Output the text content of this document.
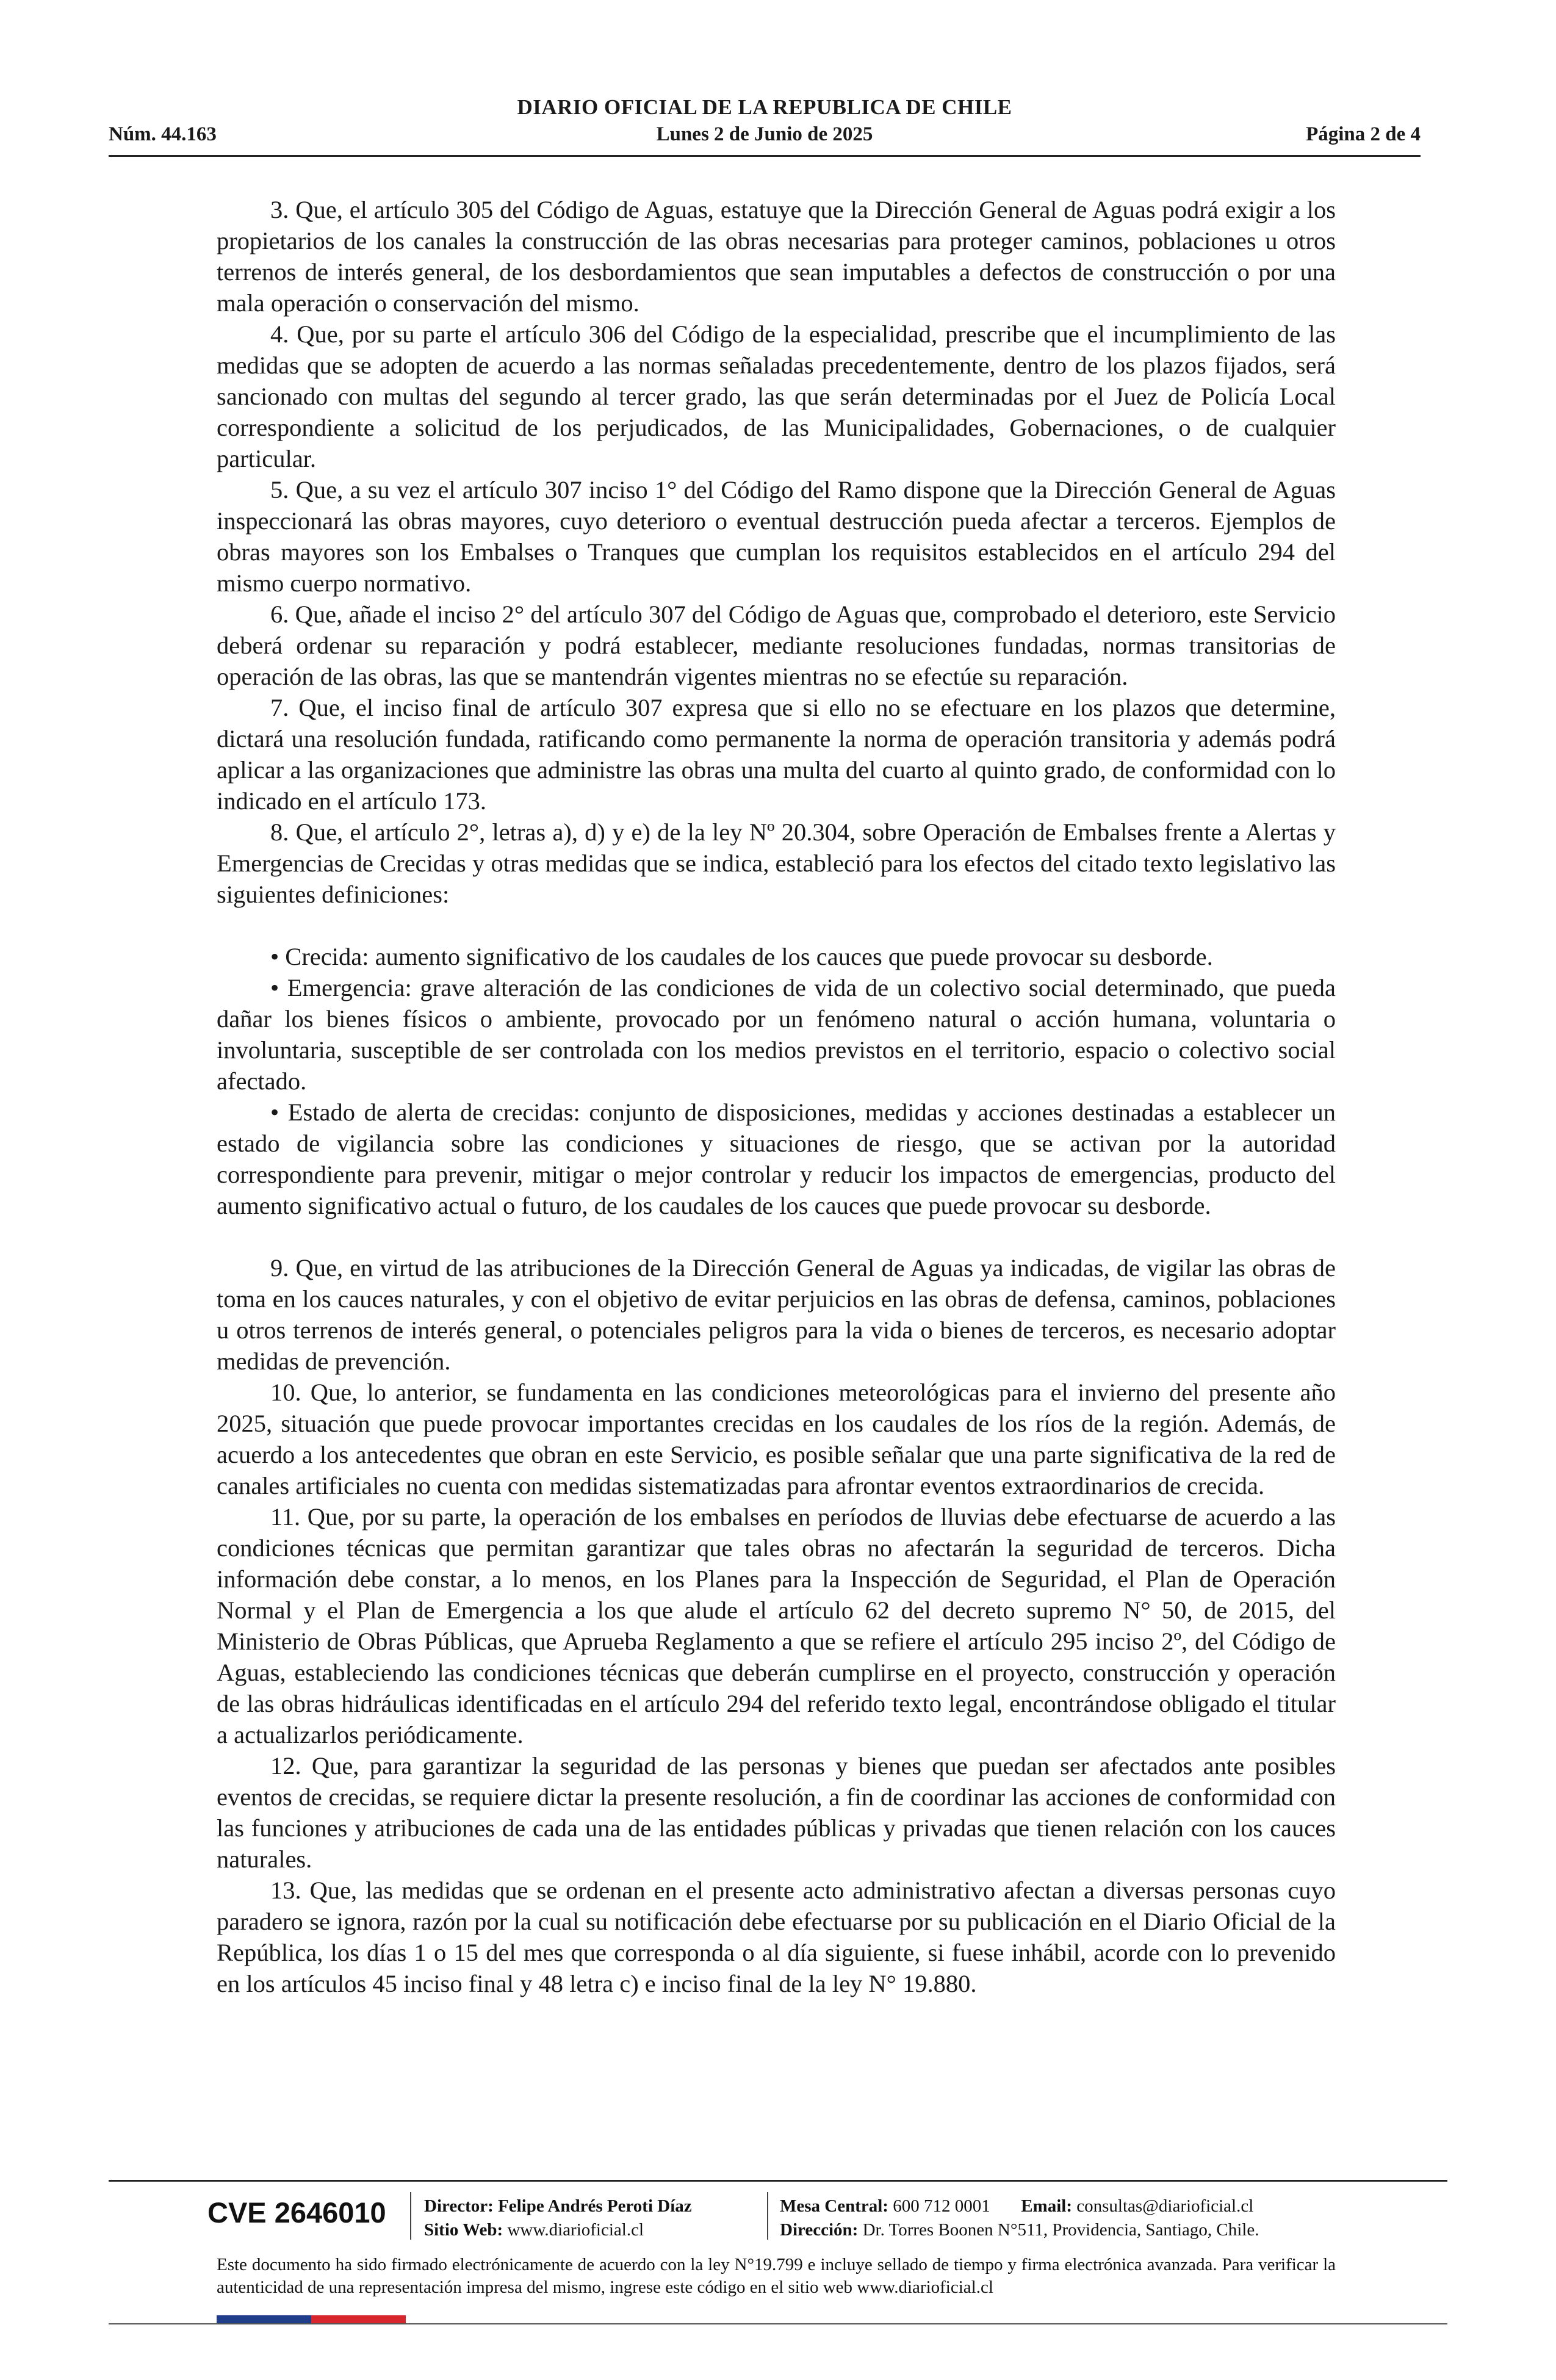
DIARIO OFICIAL DE LA REPUBLICA DE CHILE
Núm. 44.163	Lunes 2 de Junio de 2025	Página 2 de 4

3. Que, el artículo 305 del Código de Aguas, estatuye que la Dirección General de Aguas podrá exigir a los propietarios de los canales la construcción de las obras necesarias para proteger caminos, poblaciones u otros terrenos de interés general, de los desbordamientos que sean imputables a defectos de construcción o por una mala operación o conservación del mismo.

4. Que, por su parte el artículo 306 del Código de la especialidad, prescribe que el incumplimiento de las medidas que se adopten de acuerdo a las normas señaladas precedentemente, dentro de los plazos fijados, será sancionado con multas del segundo al tercer grado, las que serán determinadas por el Juez de Policía Local correspondiente a solicitud de los perjudicados, de las Municipalidades, Gobernaciones, o de cualquier particular.

5. Que, a su vez el artículo 307 inciso 1° del Código del Ramo dispone que la Dirección General de Aguas inspeccionará las obras mayores, cuyo deterioro o eventual destrucción pueda afectar a terceros. Ejemplos de obras mayores son los Embalses o Tranques que cumplan los requisitos establecidos en el artículo 294 del mismo cuerpo normativo.

6. Que, añade el inciso 2° del artículo 307 del Código de Aguas que, comprobado el deterioro, este Servicio deberá ordenar su reparación y podrá establecer, mediante resoluciones fundadas, normas transitorias de operación de las obras, las que se mantendrán vigentes mientras no se efectúe su reparación.

7. Que, el inciso final de artículo 307 expresa que si ello no se efectuare en los plazos que determine, dictará una resolución fundada, ratificando como permanente la norma de operación transitoria y además podrá aplicar a las organizaciones que administre las obras una multa del cuarto al quinto grado, de conformidad con lo indicado en el artículo 173.

8. Que, el artículo 2°, letras a), d) y e) de la ley Nº 20.304, sobre Operación de Embalses frente a Alertas y Emergencias de Crecidas y otras medidas que se indica, estableció para los efectos del citado texto legislativo las siguientes definiciones:

• Crecida: aumento significativo de los caudales de los cauces que puede provocar su desborde.

• Emergencia: grave alteración de las condiciones de vida de un colectivo social determinado, que pueda dañar los bienes físicos o ambiente, provocado por un fenómeno natural o acción humana, voluntaria o involuntaria, susceptible de ser controlada con los medios previstos en el territorio, espacio o colectivo social afectado.

• Estado de alerta de crecidas: conjunto de disposiciones, medidas y acciones destinadas a establecer un estado de vigilancia sobre las condiciones y situaciones de riesgo, que se activan por la autoridad correspondiente para prevenir, mitigar o mejor controlar y reducir los impactos de emergencias, producto del aumento significativo actual o futuro, de los caudales de los cauces que puede provocar su desborde.

9. Que, en virtud de las atribuciones de la Dirección General de Aguas ya indicadas, de vigilar las obras de toma en los cauces naturales, y con el objetivo de evitar perjuicios en las obras de defensa, caminos, poblaciones u otros terrenos de interés general, o potenciales peligros para la vida o bienes de terceros, es necesario adoptar medidas de prevención.

10. Que, lo anterior, se fundamenta en las condiciones meteorológicas para el invierno del presente año 2025, situación que puede provocar importantes crecidas en los caudales de los ríos de la región. Además, de acuerdo a los antecedentes que obran en este Servicio, es posible señalar que una parte significativa de la red de canales artificiales no cuenta con medidas sistematizadas para afrontar eventos extraordinarios de crecida.

11. Que, por su parte, la operación de los embalses en períodos de lluvias debe efectuarse de acuerdo a las condiciones técnicas que permitan garantizar que tales obras no afectarán la seguridad de terceros. Dicha información debe constar, a lo menos, en los Planes para la Inspección de Seguridad, el Plan de Operación Normal y el Plan de Emergencia a los que alude el artículo 62 del decreto supremo N° 50, de 2015, del Ministerio de Obras Públicas, que Aprueba Reglamento a que se refiere el artículo 295 inciso 2º, del Código de Aguas, estableciendo las condiciones técnicas que deberán cumplirse en el proyecto, construcción y operación de las obras hidráulicas identificadas en el artículo 294 del referido texto legal, encontrándose obligado el titular a actualizarlos periódicamente.

12. Que, para garantizar la seguridad de las personas y bienes que puedan ser afectados ante posibles eventos de crecidas, se requiere dictar la presente resolución, a fin de coordinar las acciones de conformidad con las funciones y atribuciones de cada una de las entidades públicas y privadas que tienen relación con los cauces naturales.

13. Que, las medidas que se ordenan en el presente acto administrativo afectan a diversas personas cuyo paradero se ignora, razón por la cual su notificación debe efectuarse por su publicación en el Diario Oficial de la República, los días 1 o 15 del mes que corresponda o al día siguiente, si fuese inhábil, acorde con lo prevenido en los artículos 45 inciso final y 48 letra c) e inciso final de la ley N° 19.880.

CVE 2646010 Director: Felipe Andrés Peroti Díaz
Sitio Web: www.diarioficial.cl
Mesa Central: 600 712 0001 Email: consultas@diarioficial.cl
Dirección: Dr. Torres Boonen N°511, Providencia, Santiago, Chile.
Este documento ha sido firmado electrónicamente de acuerdo con la ley N°19.799 e incluye sellado de tiempo y firma electrónica avanzada. Para verificar la autenticidad de una representación impresa del mismo, ingrese este código en el sitio web www.diarioficial.cl
